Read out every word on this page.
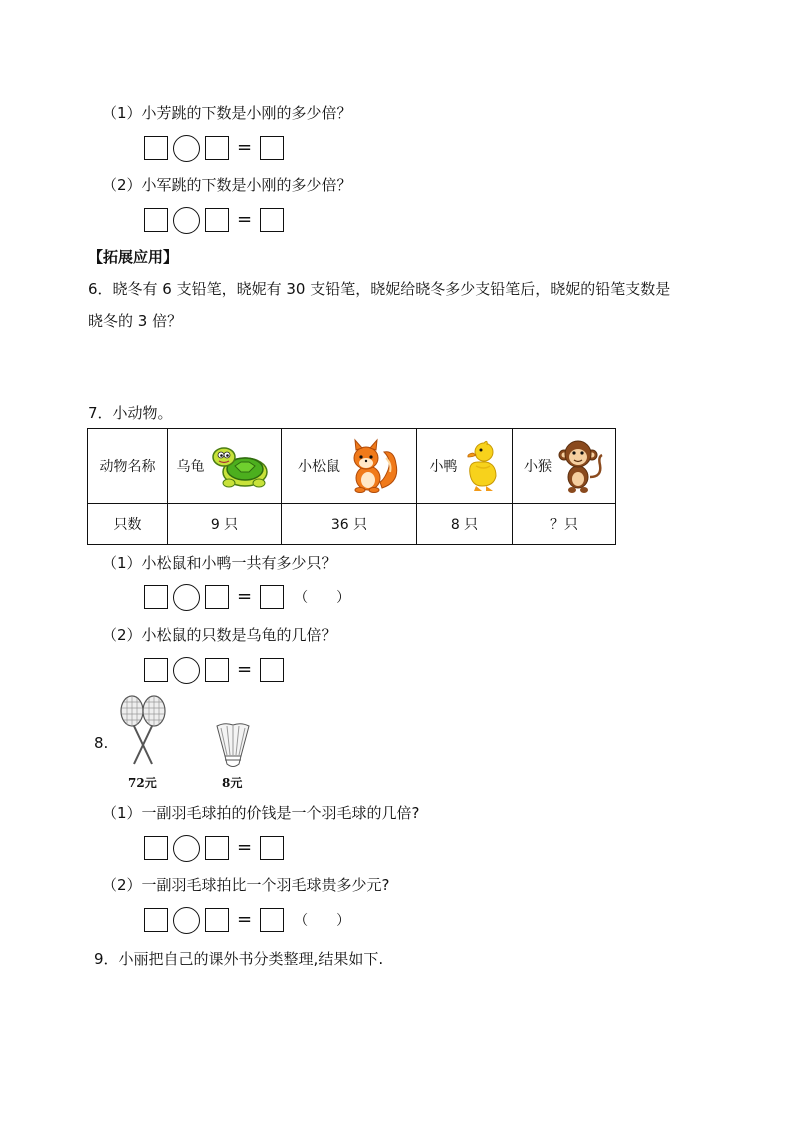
（1）小芳跳的下数是小刚的多少倍？
=
（2）小军跳的下数是小刚的多少倍？
=
【拓展应用】
6．晓冬有 6 支铅笔，晓妮有 30 支铅笔，晓妮给晓冬多少支铅笔后，晓妮的铅笔支数是
晓冬的 3 倍？
7．小动物。
动物名称	乌龟	小松鼠	小鸭	小猴

只数	9 只	36 只	8 只	？只
（1）小松鼠和小鸭一共有多少只？
=	（　　）
（2）小松鼠的只数是乌龟的几倍？
=
8.
72元	8元
（1）一副羽毛球拍的价钱是一个羽毛球的几倍?
=
（2）一副羽毛球拍比一个羽毛球贵多少元?
=	（　　）
9．小丽把自己的课外书分类整理,结果如下.
